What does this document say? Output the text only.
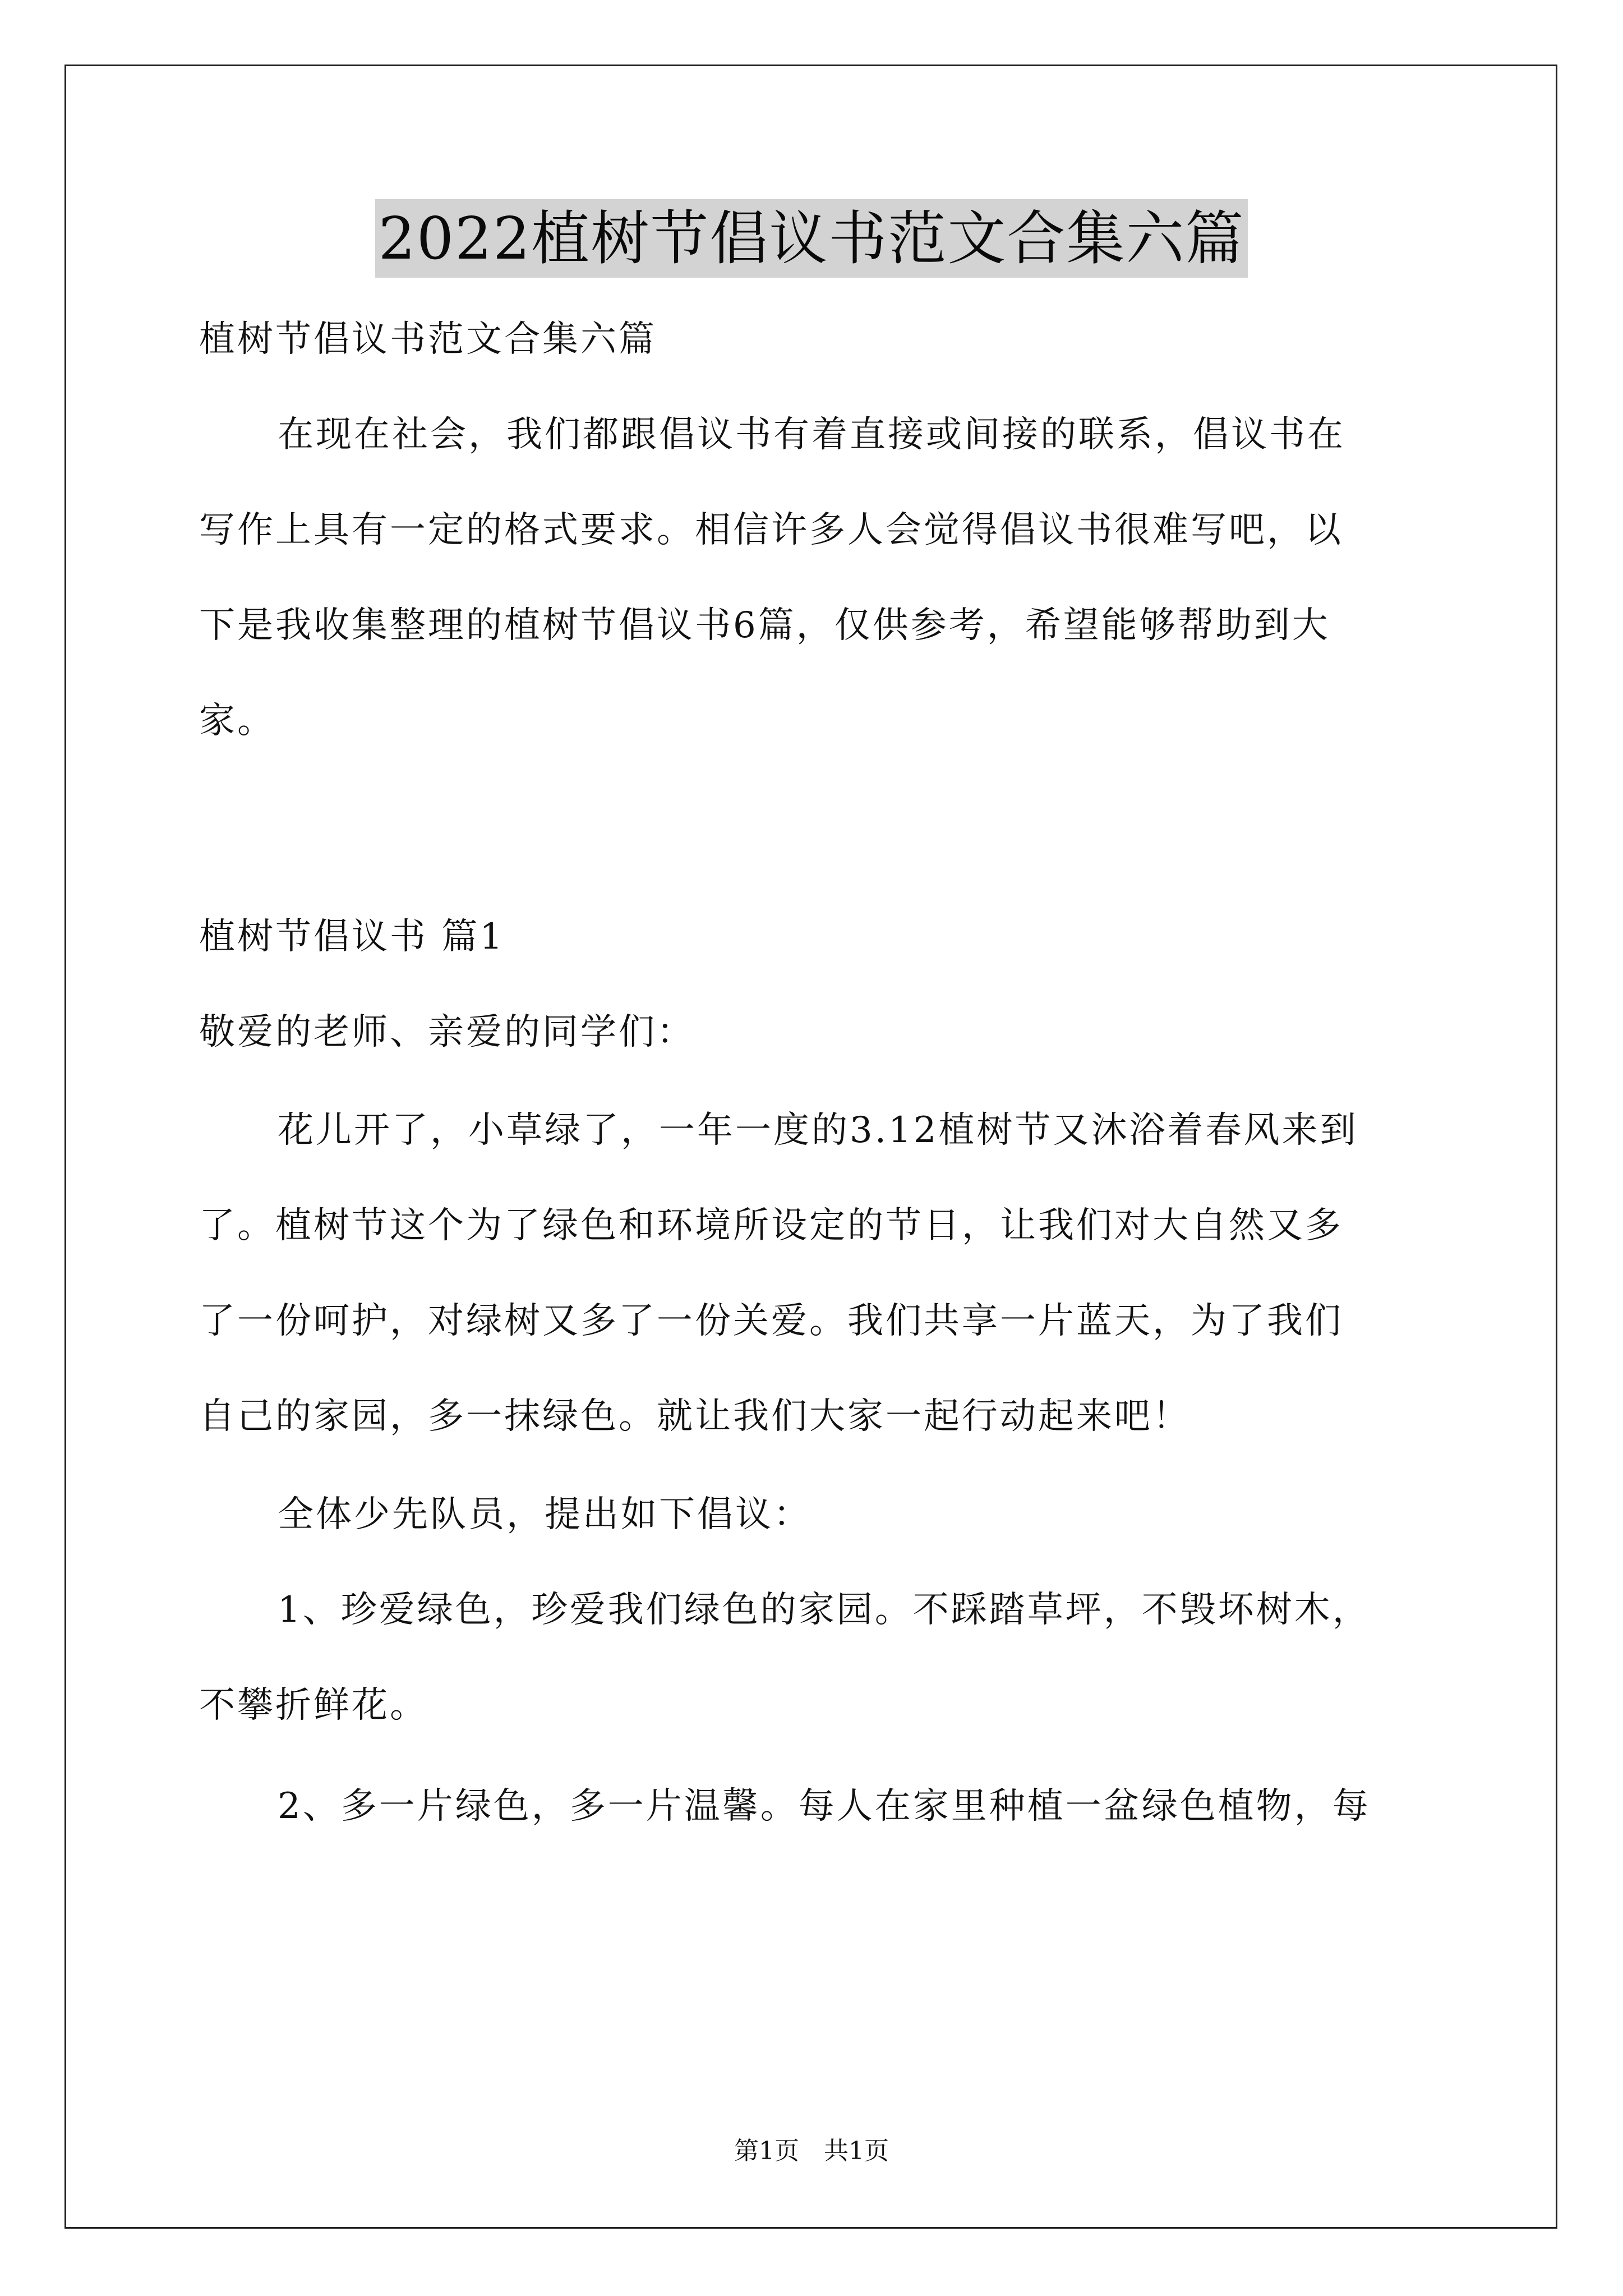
2022植树节倡议书范文合集六篇
植树节倡议书范文合集六篇
在现在社会，我们都跟倡议书有着直接或间接的联系，倡议书在
写作上具有一定的格式要求。相信许多人会觉得倡议书很难写吧，以
下是我收集整理的植树节倡议书6篇，仅供参考，希望能够帮助到大
家。
植树节倡议书 篇1
敬爱的老师、亲爱的同学们：
花儿开了，小草绿了，一年一度的3.12植树节又沐浴着春风来到
了。植树节这个为了绿色和环境所设定的节日，让我们对大自然又多
了一份呵护，对绿树又多了一份关爱。我们共享一片蓝天，为了我们
自己的家园，多一抹绿色。就让我们大家一起行动起来吧！
全体少先队员，提出如下倡议：
1、珍爱绿色，珍爱我们绿色的家园。不踩踏草坪，不毁坏树木，
不攀折鲜花。
2、多一片绿色，多一片温馨。每人在家里种植一盆绿色植物，每
第1页　共1页
